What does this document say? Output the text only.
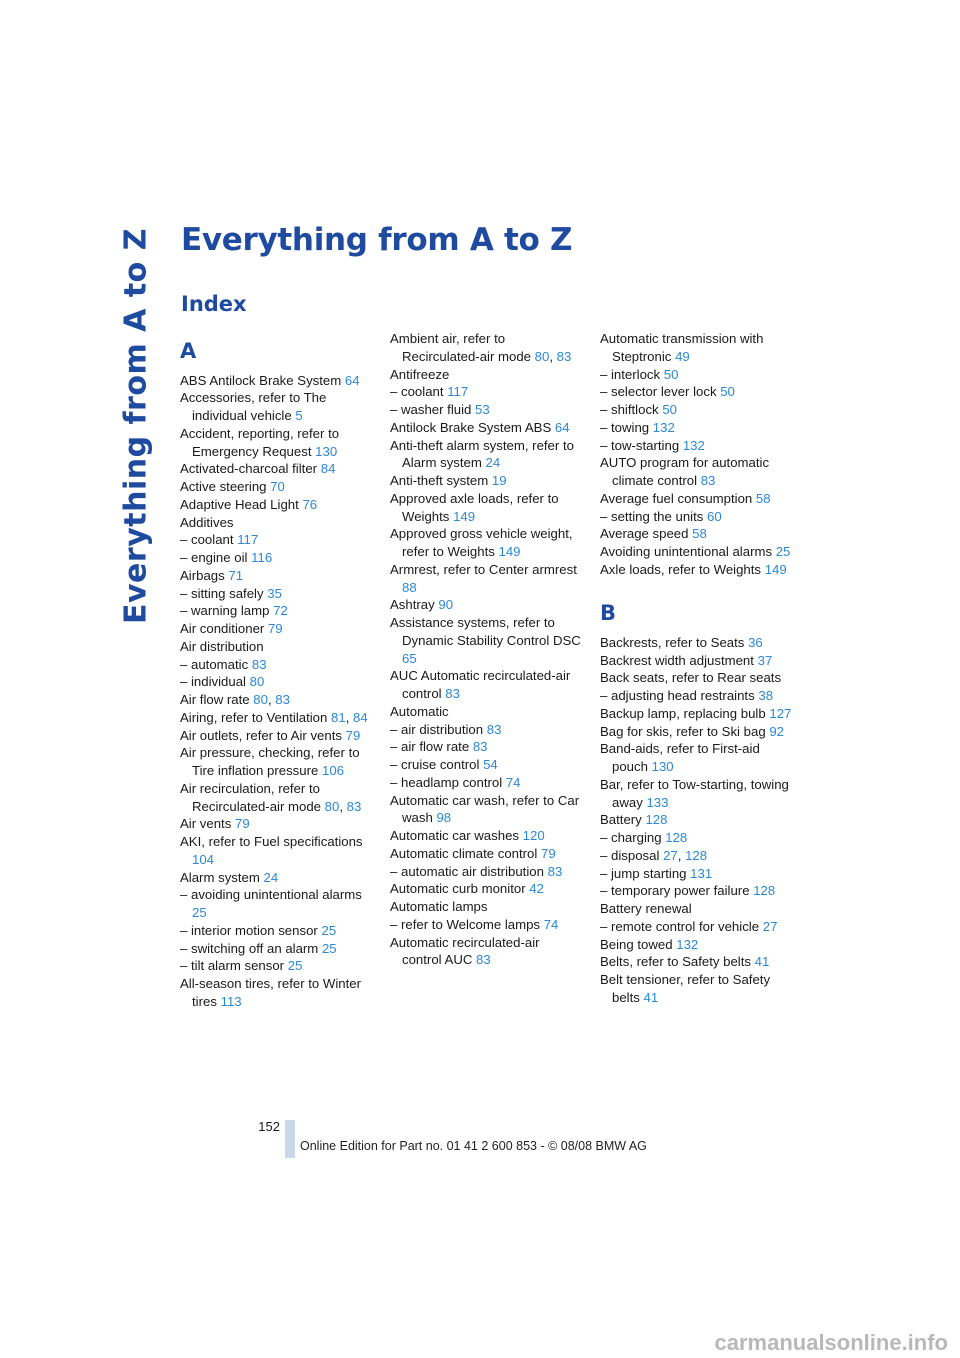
Everything from A to Z Everything from A to Z
Index
A
ABS Antilock Brake System 64
Accessories, refer to The individual vehicle 5
Accident, reporting, refer to Emergency Request 130
Activated-charcoal filter 84
Active steering 70
Adaptive Head Light 76
Additives
– coolant 117
– engine oil 116
Airbags 71
– sitting safely 35
– warning lamp 72
Air conditioner 79
Air distribution
– automatic 83
– individual 80
Air flow rate 80, 83
Airing, refer to Ventilation 81, 84
Air outlets, refer to Air vents 79
Air pressure, checking, refer to Tire inflation pressure 106
Air recirculation, refer to Recirculated-air mode 80, 83
Air vents 79
AKI, refer to Fuel specifications 104
Alarm system 24
– avoiding unintentional alarms 25
– interior motion sensor 25
– switching off an alarm 25
– tilt alarm sensor 25
All-season tires, refer to Winter tires 113
Ambient air, refer to Recirculated-air mode 80, 83
Antifreeze
– coolant 117
– washer fluid 53
Antilock Brake System ABS 64
Anti-theft alarm system, refer to Alarm system 24
Anti-theft system 19
Approved axle loads, refer to Weights 149
Approved gross vehicle weight, refer to Weights 149
Armrest, refer to Center armrest 88
Ashtray 90
Assistance systems, refer to Dynamic Stability Control DSC 65
AUC Automatic recirculated-air control 83
Automatic
– air distribution 83
– air flow rate 83
– cruise control 54
– headlamp control 74
Automatic car wash, refer to Car wash 98
Automatic car washes 120
Automatic climate control 79
– automatic air distribution 83
Automatic curb monitor 42
Automatic lamps
– refer to Welcome lamps 74
Automatic recirculated-air control AUC 83
Automatic transmission with Steptronic 49
– interlock 50
– selector lever lock 50
– shiftlock 50
– towing 132
– tow-starting 132
AUTO program for automatic climate control 83
Average fuel consumption 58
– setting the units 60
Average speed 58
Avoiding unintentional alarms 25
Axle loads, refer to Weights 149
B
Backrests, refer to Seats 36
Backrest width adjustment 37
Back seats, refer to Rear seats
– adjusting head restraints 38
Backup lamp, replacing bulb 127
Bag for skis, refer to Ski bag 92
Band-aids, refer to First-aid pouch 130
Bar, refer to Tow-starting, towing away 133
Battery 128
– charging 128
– disposal 27, 128
– jump starting 131
– temporary power failure 128
Battery renewal
– remote control for vehicle 27
Being towed 132
Belts, refer to Safety belts 41
Belt tensioner, refer to Safety belts 41
152
Online Edition for Part no. 01 41 2 600 853 - © 08/08 BMW AG
carmanualsonline.info
